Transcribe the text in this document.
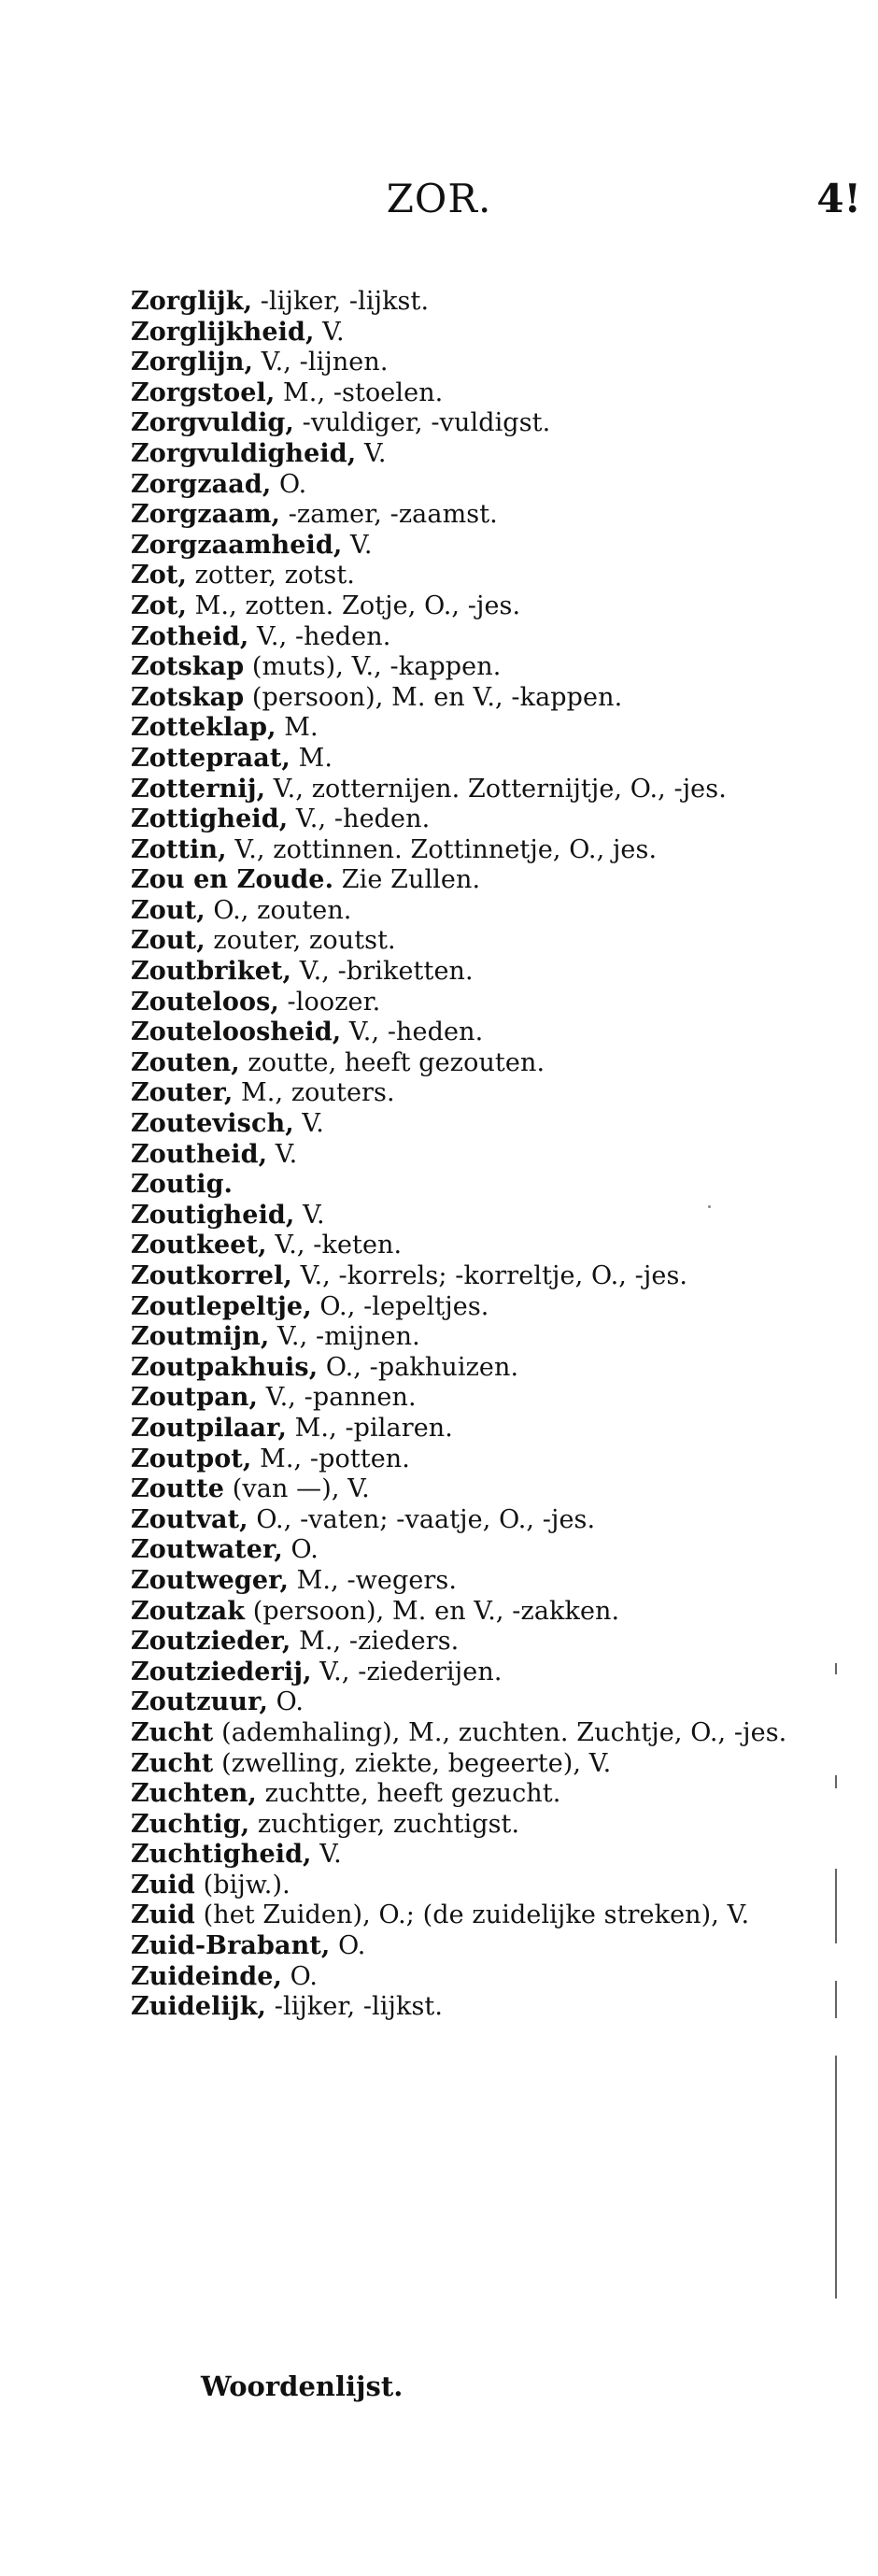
ZOR.	4!
Zorglijk, -lijker, -lijkst.
Zorglijkheid, V.
Zorglijn, V., -lijnen.
Zorgstoel, M., -stoelen.
Zorgvuldig, -vuldiger, -vuldigst.
Zorgvuldigheid, V.
Zorgzaad, O.
Zorgzaam, -zamer, -zaamst.
Zorgzaamheid, V.
Zot, zotter, zotst.
Zot, M., zotten. Zotje, O., -jes.
Zotheid, V., -heden.
Zotskap (muts), V., -kappen.
Zotskap (persoon), M. en V., -kappen.
Zotteklap, M.
Zottepraat, M.
Zotternij, V., zotternijen. Zotternijtje, O., -jes.
Zottigheid, V., -heden.
Zottin, V., zottinnen. Zottinnetje, O., jes.
Zou en Zoude. Zie Zullen.
Zout, O., zouten.
Zout, zouter, zoutst.
Zoutbriket, V., -briketten.
Zouteloos, -loozer.
Zouteloosheid, V., -heden.
Zouten, zoutte, heeft gezouten.
Zouter, M., zouters.
Zoutevisch, V.
Zoutheid, V.
Zoutig.
Zoutigheid, V.
Zoutkeet, V., -keten.
Zoutkorrel, V., -korrels; -korreltje, O., -jes.
Zoutlepeltje, O., -lepeltjes.
Zoutmijn, V., -mijnen.
Zoutpakhuis, O., -pakhuizen.
Zoutpan, V., -pannen.
Zoutpilaar, M., -pilaren.
Zoutpot, M., -potten.
Zoutte (van —), V.
Zoutvat, O., -vaten; -vaatje, O., -jes.
Zoutwater, O.
Zoutweger, M., -wegers.
Zoutzak (persoon), M. en V., -zakken.
Zoutzieder, M., -zieders.
Zoutziederij, V., -ziederijen.
Zoutzuur, O.
Zucht (ademhaling), M., zuchten. Zuchtje, O., -jes.
Zucht (zwelling, ziekte, begeerte), V.
Zuchten, zuchtte, heeft gezucht.
Zuchtig, zuchtiger, zuchtigst.
Zuchtigheid, V.
Zuid (bijw.).
Zuid (het Zuiden), O.; (de zuidelijke streken), V.
Zuid-Brabant, O.
Zuideinde, O.
Zuidelijk, -lijker, -lijkst.
Woordenlijst.
